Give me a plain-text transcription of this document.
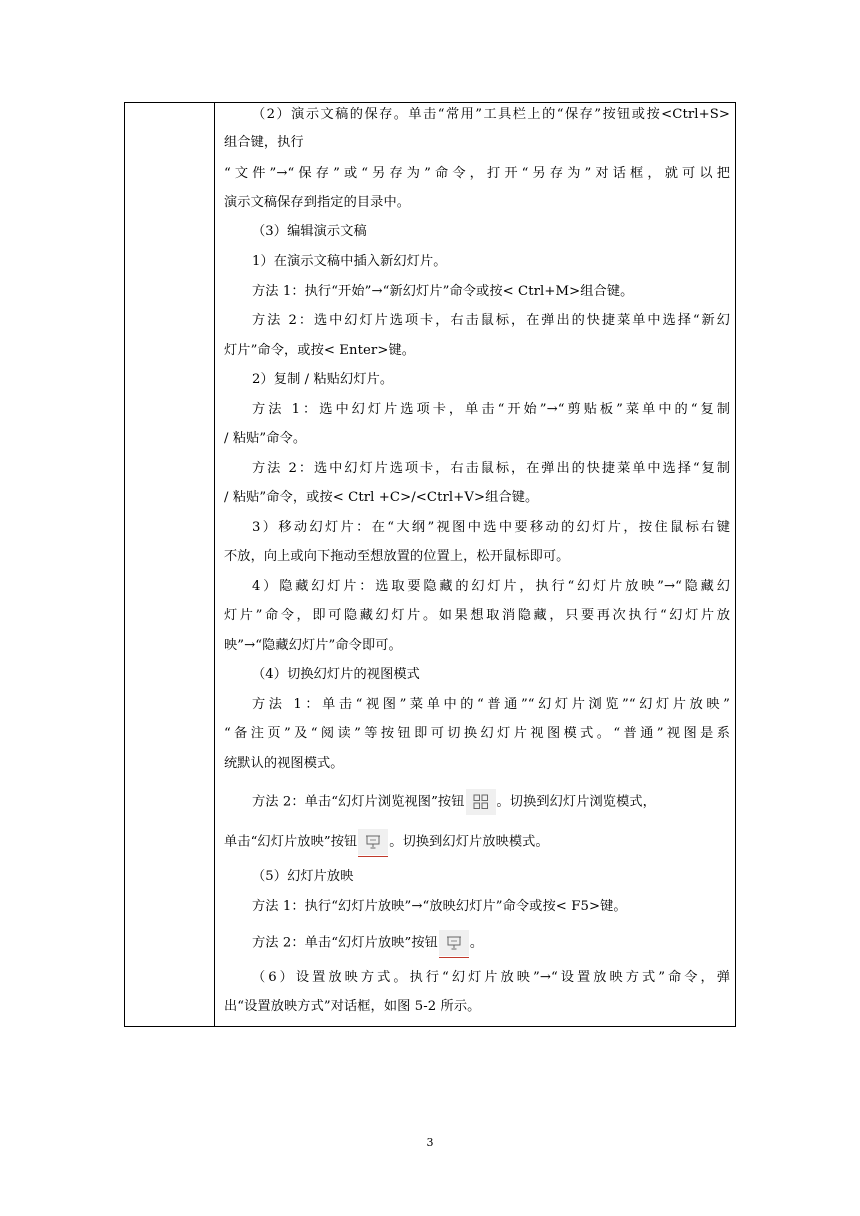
（2）演示文稿的保存。单击“常用”工具栏上的“保存”按钮或按<Ctrl+S>
组合键，执行
“文件”→“保存”或“另存为”命令，打开“另存为”对话框，就可以把
演示文稿保存到指定的目录中。
（3）编辑演示文稿
1）在演示文稿中插入新幻灯片。
方法 1：执行“开始”→“新幻灯片”命令或按< Ctrl+M>组合键。
方法 2：选中幻灯片选项卡，右击鼠标，在弹出的快捷菜单中选择“新幻
灯片”命令，或按< Enter>键。
2）复制 / 粘贴幻灯片。
方法 1：选中幻灯片选项卡，单击“开始”→“剪贴板”菜单中的“复制
/ 粘贴”命令。
方法 2：选中幻灯片选项卡，右击鼠标，在弹出的快捷菜单中选择“复制
/ 粘贴”命令，或按< Ctrl +C>/<Ctrl+V>组合键。
3）移动幻灯片：在“大纲”视图中选中要移动的幻灯片，按住鼠标右键
不放，向上或向下拖动至想放置的位置上，松开鼠标即可。
4）隐藏幻灯片：选取要隐藏的幻灯片，执行“幻灯片放映”→“隐藏幻
灯片”命令，即可隐藏幻灯片。如果想取消隐藏，只要再次执行“幻灯片放
映”→“隐藏幻灯片”命令即可。
（4）切换幻灯片的视图模式
方法 1：单击“视图”菜单中的“普通”“幻灯片浏览”“幻灯片放映”
“备注页”及“阅读”等按钮即可切换幻灯片视图模式。“普通”视图是系
统默认的视图模式。
方法 2：单击“幻灯片浏览视图”按钮 。切换到幻灯片浏览模式，
单击“幻灯片放映”按钮 。切换到幻灯片放映模式。
（5）幻灯片放映
方法 1：执行“幻灯片放映”→“放映幻灯片”命令或按< F5>键。
方法 2：单击“幻灯片放映”按钮 。
（6）设置放映方式。执行“幻灯片放映”→“设置放映方式”命令，弹
出“设置放映方式”对话框，如图 5-2 所示。
3
